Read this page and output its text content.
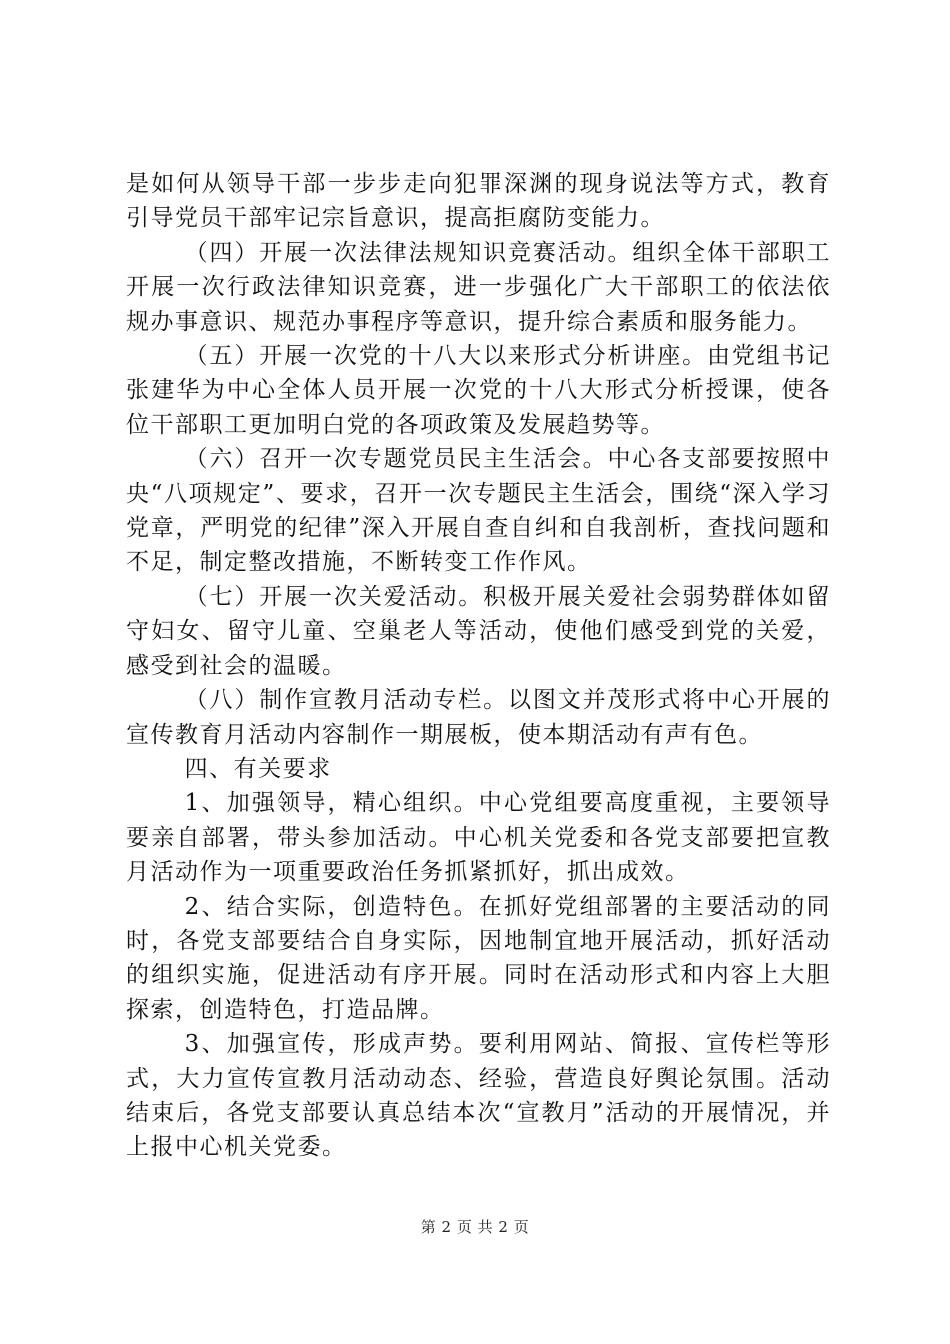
是如何从领导干部一步步走向犯罪深渊的现身说法等方式，教育引导党员干部牢记宗旨意识，提高拒腐防变能力。

（四）开展一次法律法规知识竞赛活动。组织全体干部职工开展一次行政法律知识竞赛，进一步强化广大干部职工的依法依规办事意识、规范办事程序等意识，提升综合素质和服务能力。

（五）开展一次党的十八大以来形式分析讲座。由党组书记张建华为中心全体人员开展一次党的十八大形式分析授课，使各位干部职工更加明白党的各项政策及发展趋势等。

（六）召开一次专题党员民主生活会。中心各支部要按照中央“八项规定”、要求，召开一次专题民主生活会，围绕“深入学习党章，严明党的纪律”深入开展自查自纠和自我剖析，查找问题和不足，制定整改措施，不断转变工作作风。

（七）开展一次关爱活动。积极开展关爱社会弱势群体如留守妇女、留守儿童、空巢老人等活动，使他们感受到党的关爱，感受到社会的温暖。

（八）制作宣教月活动专栏。以图文并茂形式将中心开展的宣传教育月活动内容制作一期展板，使本期活动有声有色。

四、有关要求

1、加强领导，精心组织。中心党组要高度重视，主要领导要亲自部署，带头参加活动。中心机关党委和各党支部要把宣教月活动作为一项重要政治任务抓紧抓好，抓出成效。

2、结合实际，创造特色。在抓好党组部署的主要活动的同时，各党支部要结合自身实际，因地制宜地开展活动，抓好活动的组织实施，促进活动有序开展。同时在活动形式和内容上大胆探索，创造特色，打造品牌。

3、加强宣传，形成声势。要利用网站、简报、宣传栏等形式，大力宣传宣教月活动动态、经验，营造良好舆论氛围。活动结束后，各党支部要认真总结本次“宣教月”活动的开展情况，并上报中心机关党委。

第 2 页 共 2 页
